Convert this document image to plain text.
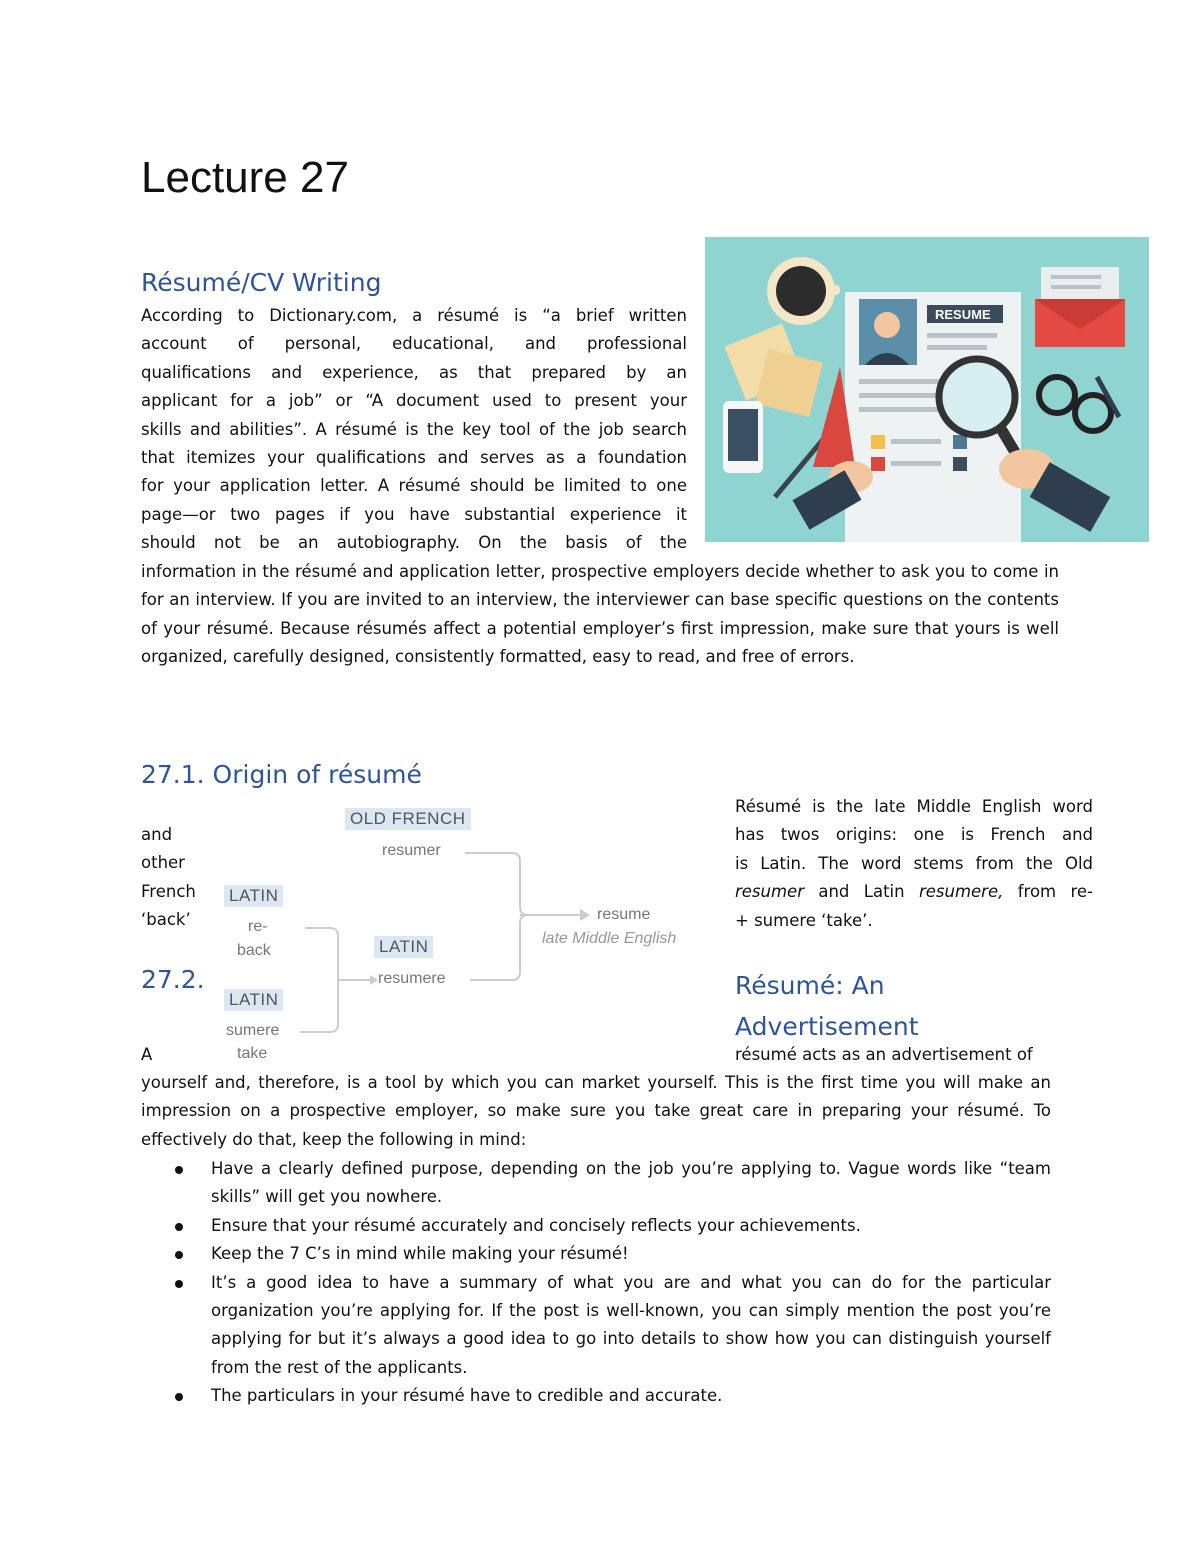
Lecture 27
Résumé/CV Writing
According to Dictionary.com, a résumé is “a brief written
account of personal, educational, and professional
qualifications and experience, as that prepared by an
applicant for a job” or “A document used to present your
skills and abilities”. A résumé is the key tool of the job search
that itemizes your qualifications and serves as a foundation
for your application letter. A résumé should be limited to one
page—or two pages if you have substantial experience it
should not be an autobiography. On the basis of the
information in the résumé and application letter, prospective employers decide whether to ask you to come in for an interview. If you are invited to an interview, the interviewer can base specific questions on the contents of your résumé. Because résumés affect a potential employer’s first impression, make sure that yours is well organized, carefully designed, consistently formatted, easy to read, and free of errors.
RESUME
27.1. Origin of résumé
and
other
French
‘back’
27.2.
OLD FRENCH
resumer
LATIN
re-
back	LATIN
resumere
LATIN
sumere
take
resume
late Middle English
Résumé is the late Middle English word
has twos origins: one is French and
is Latin. The word stems from the Old
resumer and Latin resumere, from re-
+ sumere ‘take’.
Résumé: An
Advertisement
A	résumé acts as an advertisement of
yourself and, therefore, is a tool by which you can market yourself. This is the first time you will make an impression on a prospective employer, so make sure you take great care in preparing your résumé. To effectively do that, keep the following in mind:
Have a clearly defined purpose, depending on the job you’re applying to. Vague words like “team skills” will get you nowhere.
Ensure that your résumé accurately and concisely reflects your achievements.
Keep the 7 C’s in mind while making your résumé!
It’s a good idea to have a summary of what you are and what you can do for the particular organization you’re applying for. If the post is well-known, you can simply mention the post you’re applying for but it’s always a good idea to go into details to show how you can distinguish yourself from the rest of the applicants.
The particulars in your résumé have to credible and accurate.
